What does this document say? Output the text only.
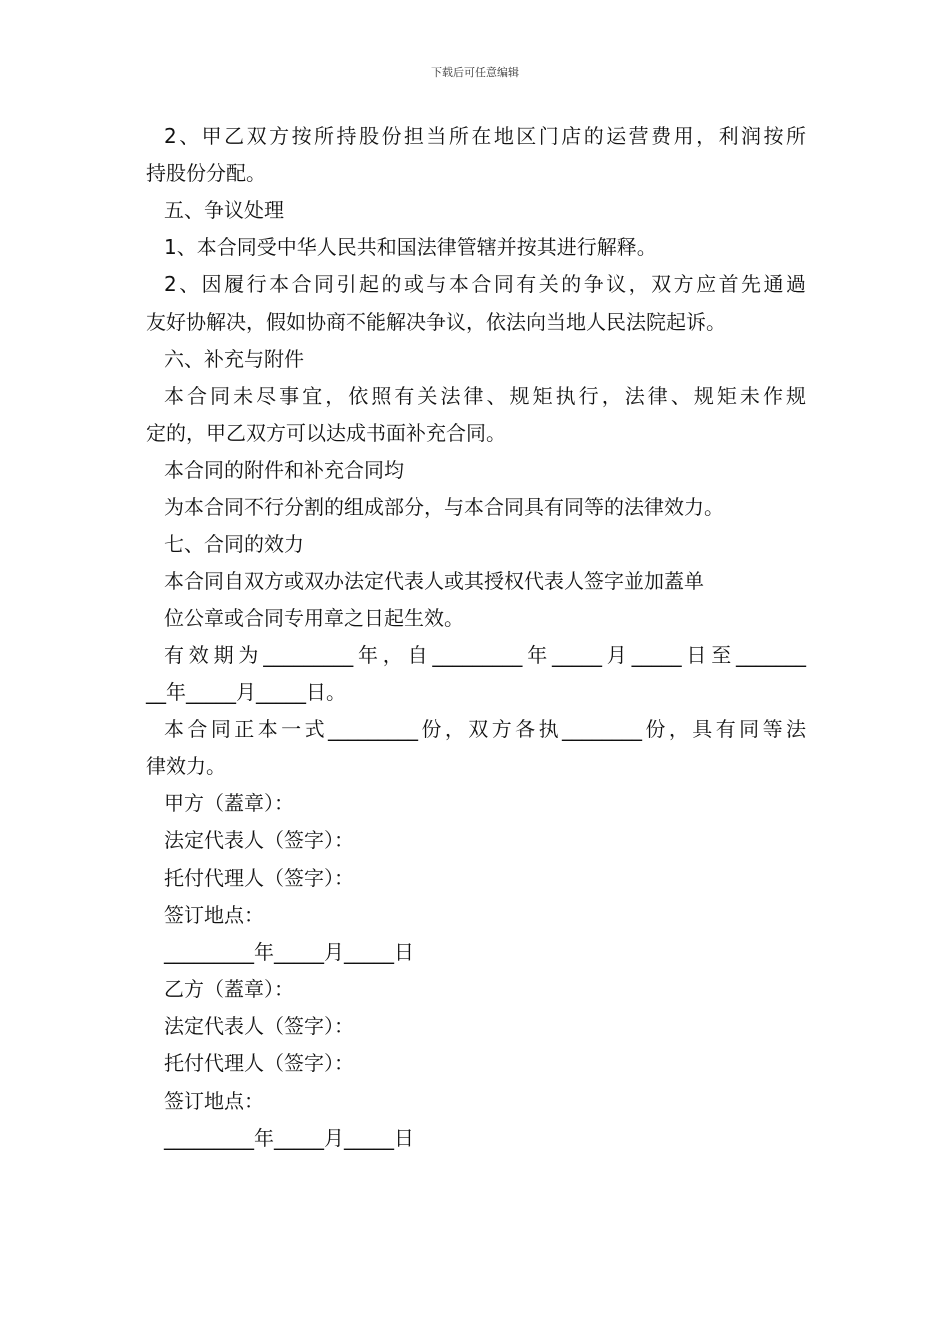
下载后可任意编辑
2、甲乙双方按所持股份担当所在地区门店的运营费用，利润按所
持股份分配。
五、争议处理
1、本合同受中华人民共和国法律管辖并按其进行解释。
2、因履行本合同引起的或与本合同有关的争议，双方应首先通過
友好协解决，假如协商不能解决争议，依法向当地人民法院起诉。
六、补充与附件
本合同未尽事宜，依照有关法律、规矩执行，法律、规矩未作规
定的，甲乙双方可以达成书面补充合同。
本合同的附件和补充合同均
为本合同不行分割的组成部分，与本合同具有同等的法律效力。
七、合同的效力
本合同自双方或双办法定代表人或其授权代表人签字並加蓋单
位公章或合同专用章之日起生效。
有效期为_________年，自_________年_____月_____日至_______
__年_____月_____日。
本合同正本一式_________份，双方各执________份，具有同等法
律效力。
甲方（蓋章）：
法定代表人（签字）：
托付代理人（签字）：
签订地点：
_________年_____月_____日
乙方（蓋章）：
法定代表人（签字）：
托付代理人（签字）：
签订地点：
_________年_____月_____日
